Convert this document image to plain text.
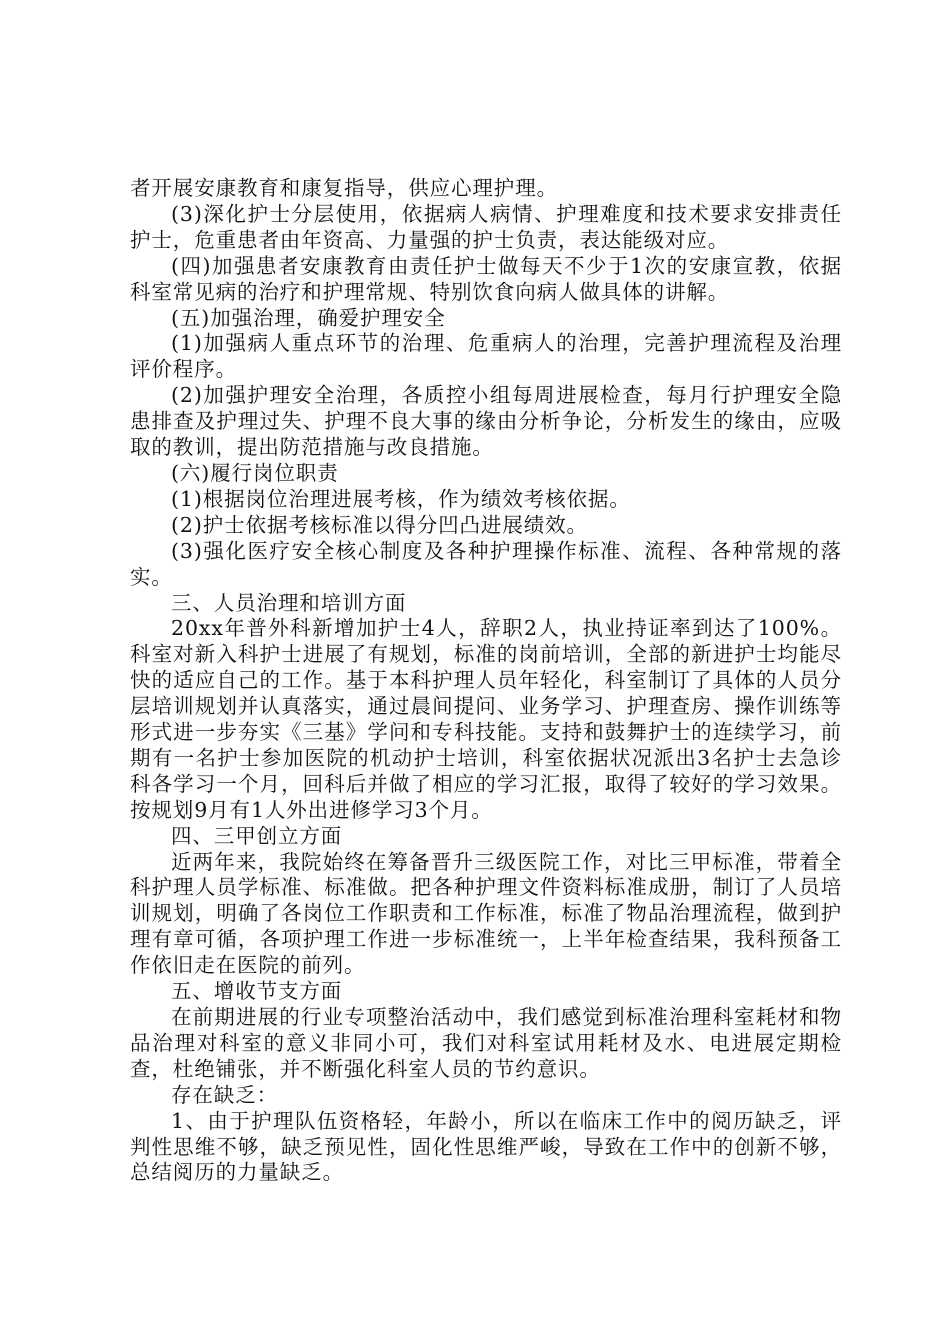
者开展安康教育和康复指导，供应心理护理。

(3)深化护士分层使用，依据病人病情、护理难度和技术要求安排责任护士，危重患者由年资高、力量强的护士负责，表达能级对应。

(四)加强患者安康教育由责任护士做每天不少于1次的安康宣教，依据科室常见病的治疗和护理常规、特别饮食向病人做具体的讲解。

(五)加强治理，确爱护理安全

(1)加强病人重点环节的治理、危重病人的治理，完善护理流程及治理评价程序。

(2)加强护理安全治理，各质控小组每周进展检查，每月行护理安全隐患排查及护理过失、护理不良大事的缘由分析争论，分析发生的缘由，应吸取的教训，提出防范措施与改良措施。

(六)履行岗位职责

(1)根据岗位治理进展考核，作为绩效考核依据。

(2)护士依据考核标准以得分凹凸进展绩效。

(3)强化医疗安全核心制度及各种护理操作标准、流程、各种常规的落实。

三、人员治理和培训方面

20xx年普外科新增加护士4人，辞职2人，执业持证率到达了100%。科室对新入科护士进展了有规划，标准的岗前培训，全部的新进护士均能尽快的适应自己的工作。基于本科护理人员年轻化，科室制订了具体的人员分层培训规划并认真落实，通过晨间提问、业务学习、护理查房、操作训练等形式进一步夯实《三基》学问和专科技能。支持和鼓舞护士的连续学习，前期有一名护士参加医院的机动护士培训，科室依据状况派出3名护士去急诊科各学习一个月，回科后并做了相应的学习汇报，取得了较好的学习效果。按规划9月有1人外出进修学习3个月。

四、三甲创立方面

近两年来，我院始终在筹备晋升三级医院工作，对比三甲标准，带着全科护理人员学标准、标准做。把各种护理文件资料标准成册，制订了人员培训规划，明确了各岗位工作职责和工作标准，标准了物品治理流程，做到护理有章可循，各项护理工作进一步标准统一，上半年检查结果，我科预备工作依旧走在医院的前列。

五、增收节支方面

在前期进展的行业专项整治活动中，我们感觉到标准治理科室耗材和物品治理对科室的意义非同小可，我们对科室试用耗材及水、电进展定期检查，杜绝铺张，并不断强化科室人员的节约意识。

存在缺乏：

1、由于护理队伍资格轻，年龄小，所以在临床工作中的阅历缺乏，评判性思维不够，缺乏预见性，固化性思维严峻，导致在工作中的创新不够，总结阅历的力量缺乏。
